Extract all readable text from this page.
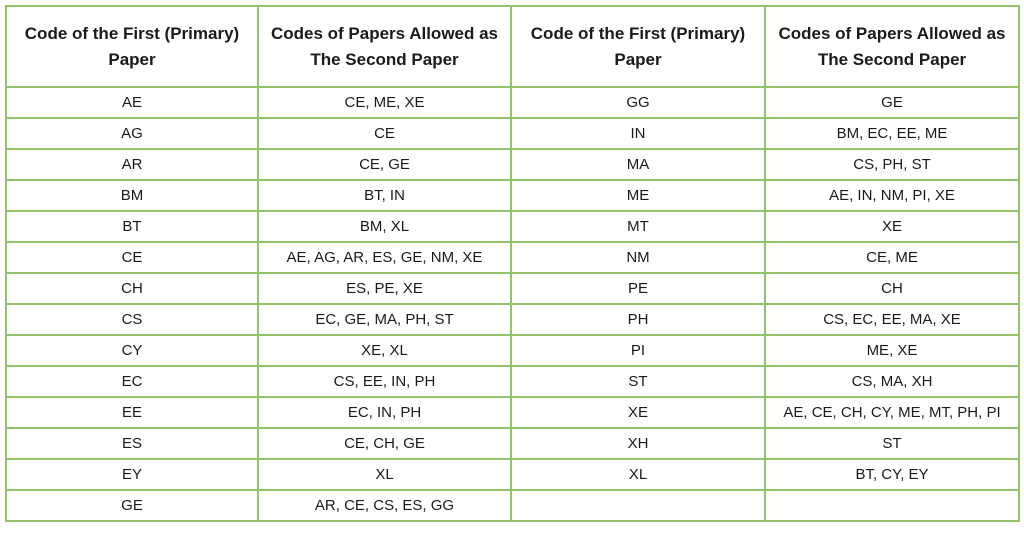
Code of the First (Primary) Paper	Codes of Papers Allowed as The Second Paper	Code of the First (Primary) Paper	Codes of Papers Allowed as The Second Paper
AE	CE, ME, XE	GG	GE
AG	CE	IN	BM, EC, EE, ME
AR	CE, GE	MA	CS, PH, ST
BM	BT, IN	ME	AE, IN, NM, PI, XE
BT	BM, XL	MT	XE
CE	AE, AG, AR, ES, GE, NM, XE	NM	CE, ME
CH	ES, PE, XE	PE	CH
CS	EC, GE, MA, PH, ST	PH	CS, EC, EE, MA, XE
CY	XE, XL	PI	ME, XE
EC	CS, EE, IN, PH	ST	CS, MA, XH
EE	EC, IN, PH	XE	AE, CE, CH, CY, ME, MT, PH, PI
ES	CE, CH, GE	XH	ST
EY	XL	XL	BT, CY, EY
GE	AR, CE, CS, ES, GG		
